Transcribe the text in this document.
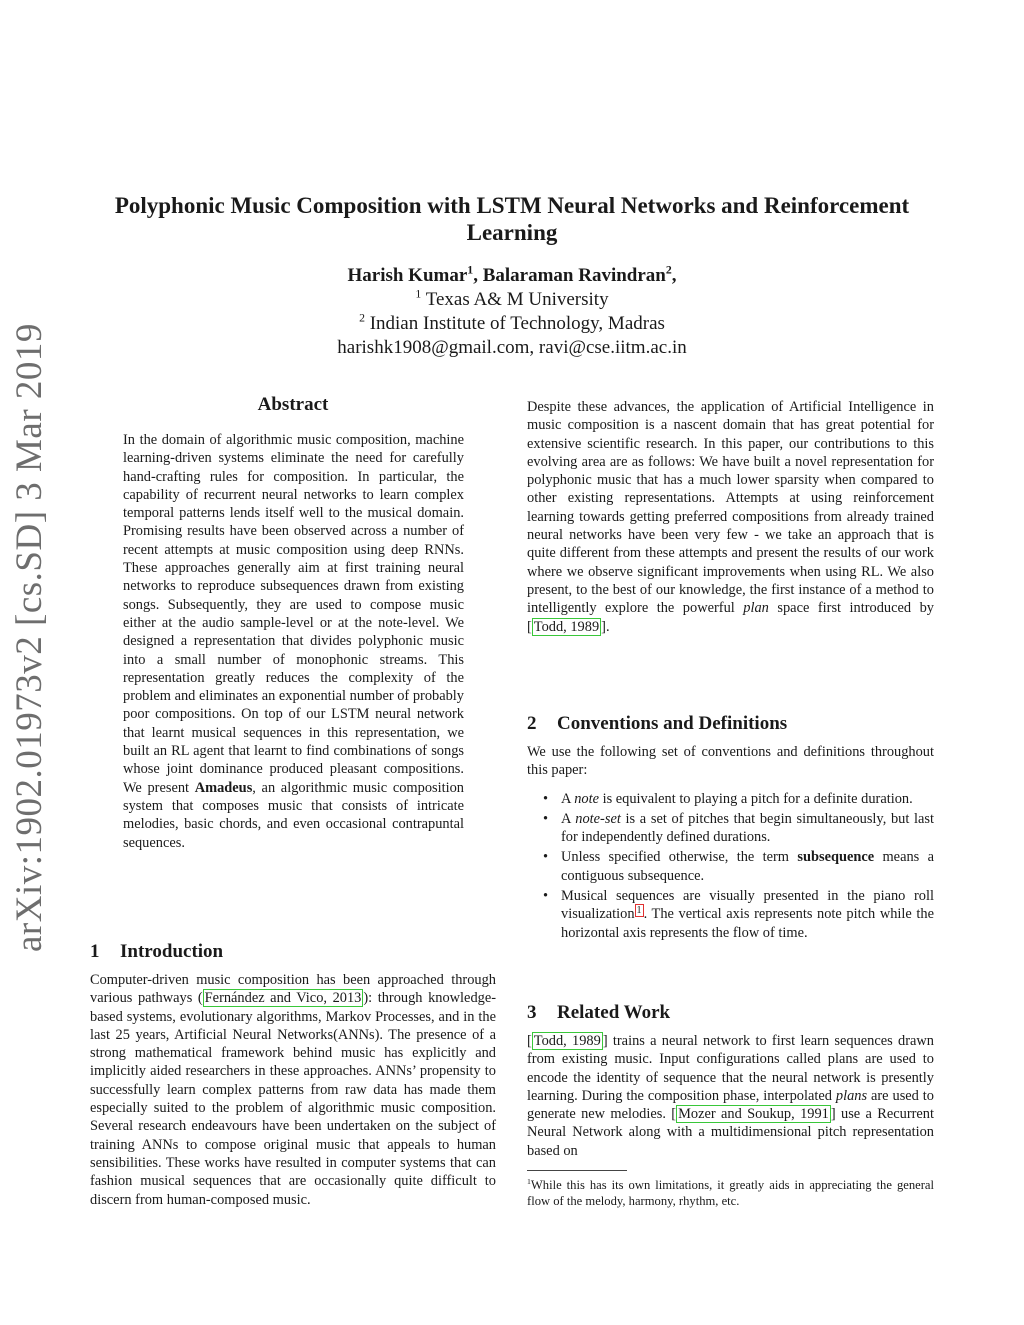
arXiv:1902.01973v2 [cs.SD] 3 Mar 2019
Polyphonic Music Composition with LSTM Neural Networks and Reinforcement
Learning
Harish Kumar$^1$, Balaraman Ravindran$^2$,
$^1$ Texas A& M University
$^2$ Indian Institute of Technology, Madras
harishk1908@gmail.com, ravi@cse.iitm.ac.in
Abstract
In the domain of algorithmic music composition, machine learning-driven systems eliminate the need for carefully hand-crafting rules for composition. In particular, the capability of recurrent neural networks to learn complex temporal patterns lends itself well to the musical domain. Promising results have been observed across a number of recent attempts at music composition using deep RNNs. These approaches generally aim at first training neural networks to reproduce subsequences drawn from existing songs. Subsequently, they are used to compose music either at the audio sample-level or at the note-level. We designed a representation that divides polyphonic music into a small number of monophonic streams. This representation greatly reduces the complexity of the problem and eliminates an exponential number of probably poor compositions. On top of our LSTM neural network that learnt musical sequences in this representation, we built an RL agent that learnt to find combinations of songs whose joint dominance produced pleasant compositions. We present Amadeus, an algorithmic music composition system that composes music that consists of intricate melodies, basic chords, and even occasional contrapuntal sequences.
1 Introduction

Computer-driven music composition has been approached through various pathways ( Fernández and Vico, 2013 ): through knowledge-based systems, evolutionary algorithms, Markov Processes, and in the last 25 years, Artificial Neural Networks(ANNs). The presence of a strong mathematical framework behind music has explicitly and implicitly aided researchers in these approaches. ANNs’ propensity to successfully learn complex patterns from raw data has made them especially suited to the problem of algorithmic music composition. Several research endeavours have been undertaken on the subject of training ANNs to compose original music that appeals to human sensibilities. These works have resulted in computer systems that can fashion musical sequences that are occasionally quite difficult to discern from human-composed music.

Despite these advances, the application of Artificial Intelligence in music composition is a nascent domain that has great potential for extensive scientific research. In this paper, our contributions to this evolving area are as follows: We have built a novel representation for polyphonic music that has a much lower sparsity when compared to other existing representations. Attempts at using reinforcement learning towards getting preferred compositions from already trained neural networks have been very few - we take an approach that is quite different from these attempts and present the results of our work where we observe significant improvements when using RL. We also present, to the best of our knowledge, the first instance of a method to intelligently explore the powerful plan space first introduced by [ Todd, 1989 ].

2 Conventions and Definitions

We use the following set of conventions and definitions throughout this paper:

• A note is equivalent to playing a pitch for a definite duration.
• A note-set is a set of pitches that begin simultaneously, but last for independently defined durations.
• Unless specified otherwise, the term subsequence means a contiguous subsequence.
• Musical sequences are visually presented in the piano roll visualization $^1$ . The vertical axis represents note pitch while the horizontal axis represents the flow of time.
3 Related Work

[ Todd, 1989 ] trains a neural network to first learn sequences drawn from existing music. Input configurations called plans are used to encode the identity of sequence that the neural network is presently learning. During the composition phase, interpolated plans are used to generate new melodies. [ Mozer and Soukup, 1991 ] use a Recurrent Neural Network along with a multidimensional pitch representation based on

$^1$While this has its own limitations, it greatly aids in appreciating the general flow of the melody, harmony, rhythm, etc.
